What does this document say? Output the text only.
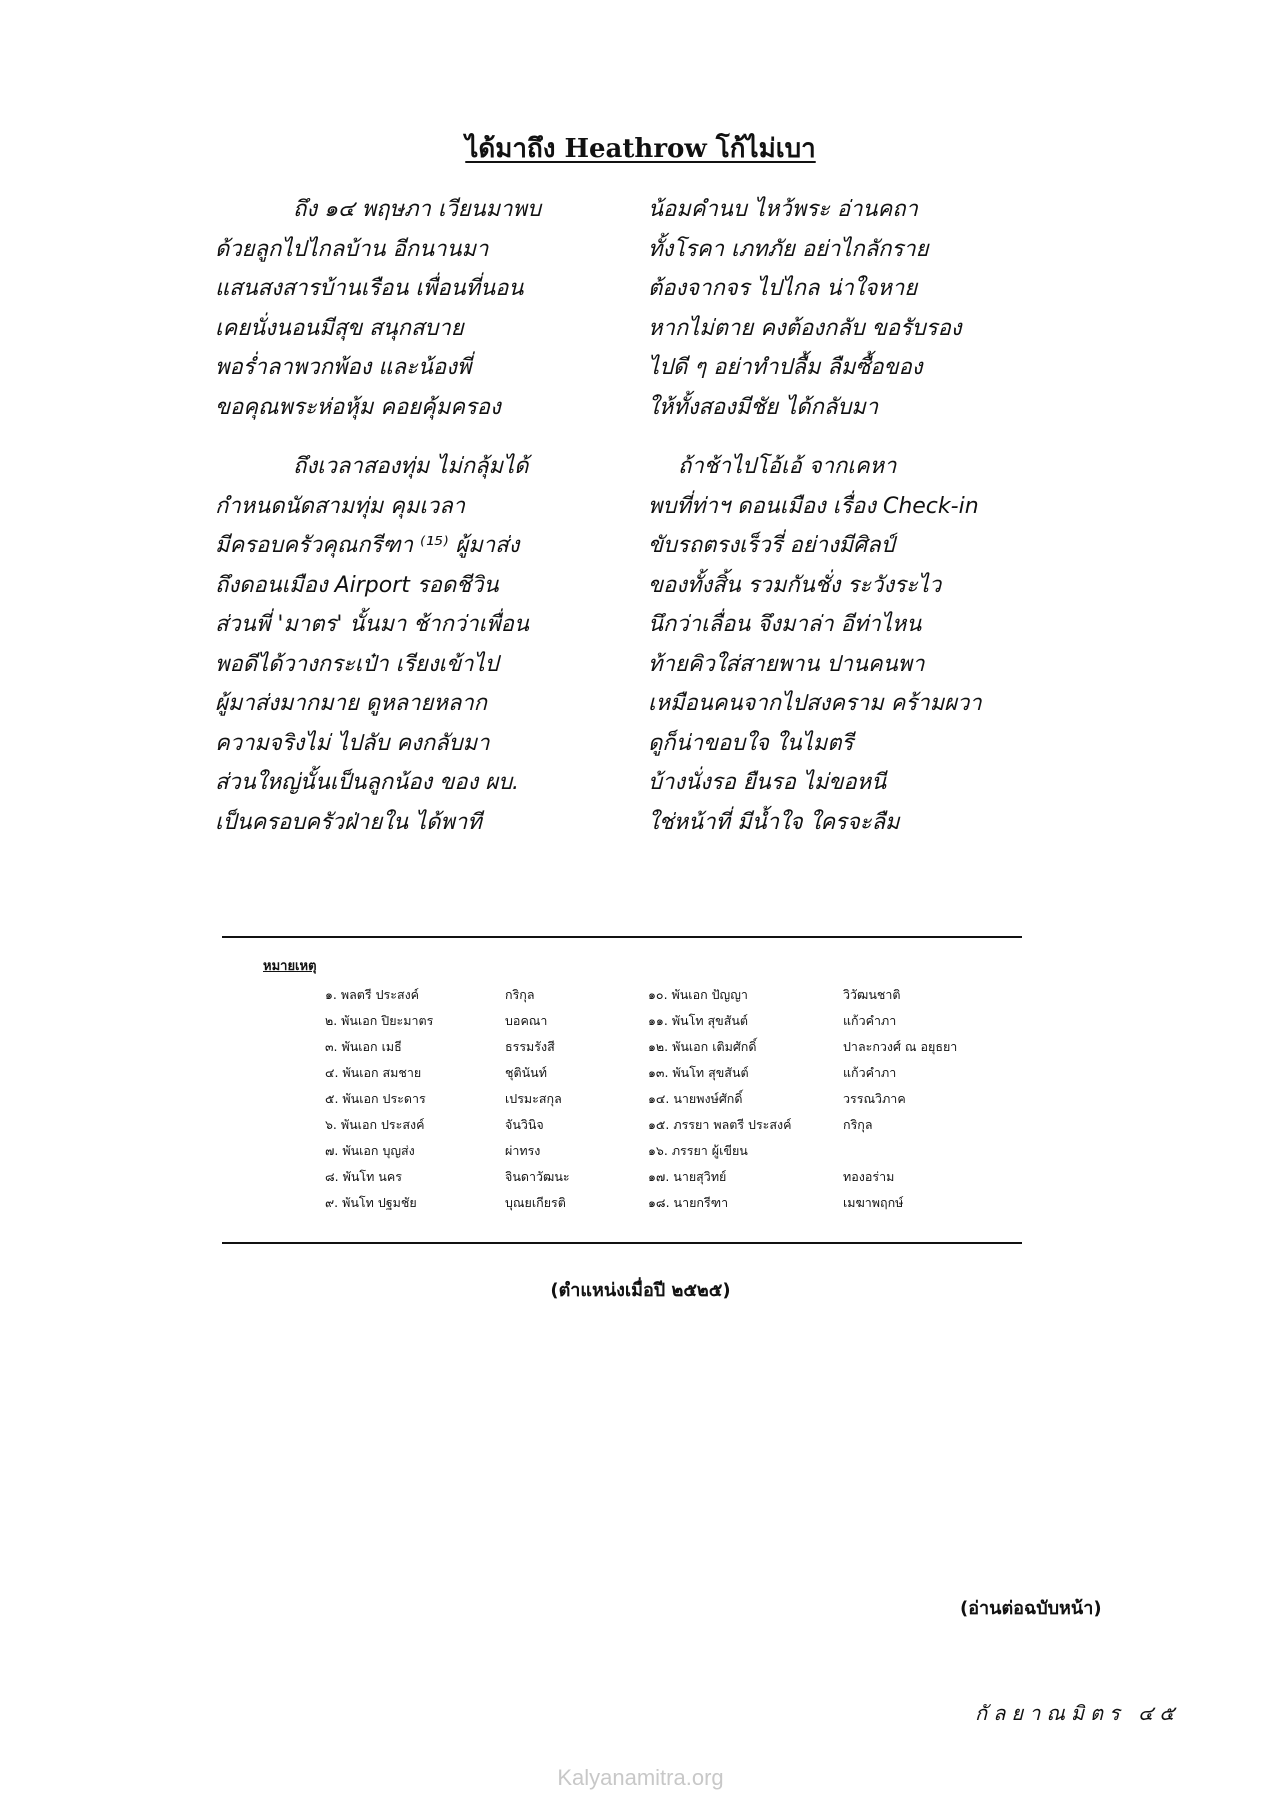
ได้มาถึง Heathrow โก้ไม่เบา
ถึง ๑๔ พฤษภา เวียนมาพบ
ด้วยลูกไปไกลบ้าน อีกนานมา
แสนสงสารบ้านเรือน เพื่อนที่นอน
เคยนั่งนอนมีสุข สนุกสบาย
พอร่ำลาพวกพ้อง และน้องพี่
ขอคุณพระห่อหุ้ม คอยคุ้มครอง
ถึงเวลาสองทุ่ม ไม่กลุ้มได้
กำหนดนัดสามทุ่ม คุมเวลา
มีครอบครัวคุณกรีฑา ⁽¹⁵⁾ ผู้มาส่ง
ถึงดอนเมือง Airport รอดชีวิน
ส่วนพี่ 'มาตร' นั้นมา ช้ากว่าเพื่อน
พอดีได้วางกระเป๋า เรียงเข้าไป
ผู้มาส่งมากมาย ดูหลายหลาก
ความจริงไม่ ไปลับ คงกลับมา
ส่วนใหญ่นั้นเป็นลูกน้อง ของ ผบ.
เป็นครอบครัวฝ่ายใน ได้พาที
น้อมคำนบ ไหว้พระ อ่านคถา
ทั้งโรคา เภทภัย อย่าไกลักราย
ต้องจากจร ไปไกล น่าใจหาย
หากไม่ตาย คงต้องกลับ ขอรับรอง
ไปดี ๆ อย่าทำปลื้ม ลืมซื้อของ
ให้ทั้งสองมีชัย ได้กลับมา
ถ้าช้าไปโอ้เอ้ จากเคหา
พบที่ท่าฯ ดอนเมือง เรื่อง Check-in
ขับรถตรงเร็วรี่ อย่างมีศิลป์
ของทั้งสิ้น รวมกันชั่ง ระวังระไว
นึกว่าเลื่อน จึงมาล่า อีท่าไหน
ท้ายคิวใส่สายพาน ปานคนพา
เหมือนคนจากไปสงคราม คร้ามผวา
ดูก็น่าขอบใจ ในไมตรี
บ้างนั่งรอ ยืนรอ ไม่ขอหนี
ใช่หน้าที่ มีน้ำใจ ใครจะลืม
หมายเหตุ
๑. พลตรี ประสงค์	กริกุล
๒. พันเอก ปิยะมาตร	บอคณา
๓. พันเอก เมธี	ธรรมรังสี
๔. พันเอก สมชาย	ชุตินันท์
๕. พันเอก ประดาร	เปรมะสกุล
๖. พันเอก ประสงค์	จันวินิจ
๗. พันเอก บุญส่ง	ผ่าทรง
๘. พันโท นคร	จินดาวัฒนะ
๙. พันโท ปฐมชัย	บุณยเกียรติ
๑๐. พันเอก ปัญญา	วิวัฒนชาติ
๑๑. พันโท สุขสันต์	แก้วคำภา
๑๒. พันเอก เติมศักดิ์	ปาละกวงศ์ ณ อยุธยา
๑๓. พันโท สุขสันต์	แก้วคำภา
๑๔. นายพงษ์ศักดิ์	วรรณวิภาค
๑๕. ภรรยา พลตรี ประสงค์	กริกุล
๑๖. ภรรยา ผู้เขียน
๑๗. นายสุวิทย์	ทองอร่าม
๑๘. นายกรีฑา	เมฆาพฤกษ์
(ตำแหน่งเมื่อปี ๒๕๒๕)
(อ่านต่อฉบับหน้า)
กัลยาณมิตร ๔๕
Kalyanamitra.org
